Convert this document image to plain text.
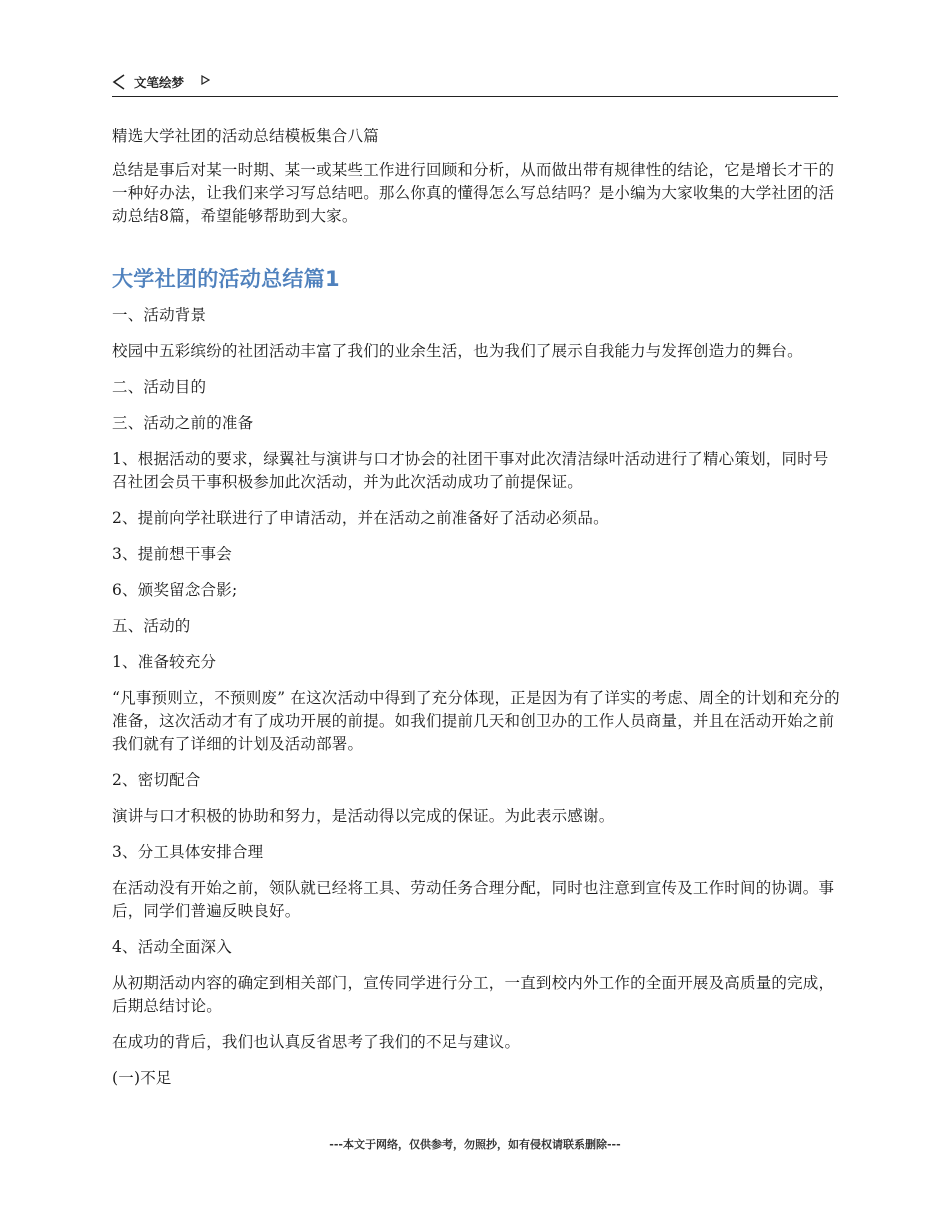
文笔绘梦

精选大学社团的活动总结模板集合八篇

总结是事后对某一时期、某一或某些工作进行回顾和分析，从而做出带有规律性的结论，它是增长才干的一种好办法，让我们来学习写总结吧。那么你真的懂得怎么写总结吗？是小编为大家收集的大学社团的活动总结8篇，希望能够帮助到大家。

大学社团的活动总结篇1

一、活动背景

校园中五彩缤纷的社团活动丰富了我们的业余生活，也为我们了展示自我能力与发挥创造力的舞台。

二、活动目的

三、活动之前的准备

1、根据活动的要求，绿翼社与演讲与口才协会的社团干事对此次清洁绿叶活动进行了精心策划，同时号召社团会员干事积极参加此次活动，并为此次活动成功了前提保证。

2、提前向学社联进行了申请活动，并在活动之前准备好了活动必须品。

3、提前想干事会

6、颁奖留念合影;

五、活动的

1、准备较充分

“凡事预则立，不预则废” 在这次活动中得到了充分体现，正是因为有了详实的考虑、周全的计划和充分的准备，这次活动才有了成功开展的前提。如我们提前几天和创卫办的工作人员商量，并且在活动开始之前我们就有了详细的计划及活动部署。

2、密切配合

演讲与口才积极的协助和努力，是活动得以完成的保证。为此表示感谢。

3、分工具体安排合理

在活动没有开始之前，领队就已经将工具、劳动任务合理分配，同时也注意到宣传及工作时间的协调。事后，同学们普遍反映良好。

4、活动全面深入

从初期活动内容的确定到相关部门，宣传同学进行分工，一直到校内外工作的全面开展及高质量的完成，后期总结讨论。

在成功的背后，我们也认真反省思考了我们的不足与建议。

(一)不足

---本文于网络，仅供参考，勿照抄，如有侵权请联系删除---
